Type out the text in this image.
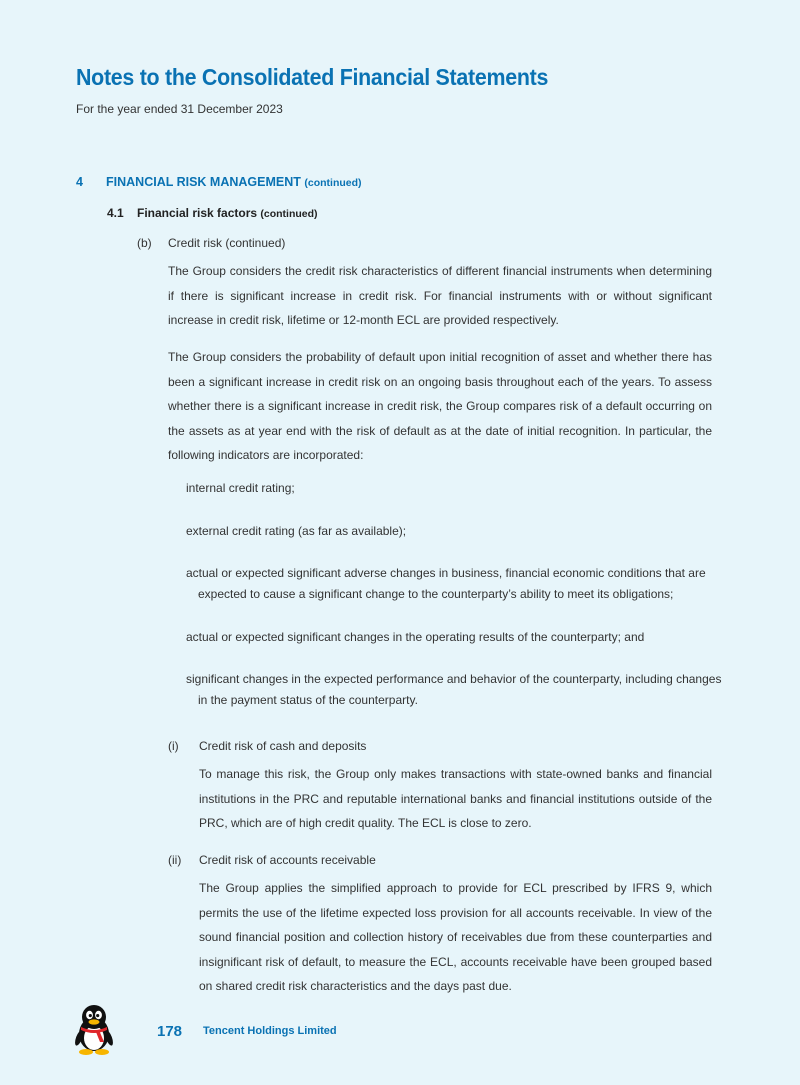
Notes to the Consolidated Financial Statements
For the year ended 31 December 2023
4 FINANCIAL RISK MANAGEMENT (continued)
4.1 Financial risk factors (continued)
(b) Credit risk (continued)

The Group considers the credit risk characteristics of different financial instruments when determining if there is significant increase in credit risk. For financial instruments with or without significant increase in credit risk, lifetime or 12-month ECL are provided respectively.

The Group considers the probability of default upon initial recognition of asset and whether there has been a significant increase in credit risk on an ongoing basis throughout each of the years. To assess whether there is a significant increase in credit risk, the Group compares risk of a default occurring on the assets as at year end with the risk of default as at the date of initial recognition. In particular, the following indicators are incorporated:

internal credit rating;

external credit rating (as far as available);

actual or expected significant adverse changes in business, financial economic conditions that are expected to cause a significant change to the counterparty’s ability to meet its obligations;

actual or expected significant changes in the operating results of the counterparty; and

significant changes in the expected performance and behavior of the counterparty, including changes in the payment status of the counterparty.

(i) Credit risk of cash and deposits

To manage this risk, the Group only makes transactions with state-owned banks and financial institutions in the PRC and reputable international banks and financial institutions outside of the PRC, which are of high credit quality. The ECL is close to zero.

(ii) Credit risk of accounts receivable

The Group applies the simplified approach to provide for ECL prescribed by IFRS 9, which permits the use of the lifetime expected loss provision for all accounts receivable. In view of the sound financial position and collection history of receivables due from these counterparties and insignificant risk of default, to measure the ECL, accounts receivable have been grouped based on shared credit risk characteristics and the days past due.

178 Tencent Holdings Limited
